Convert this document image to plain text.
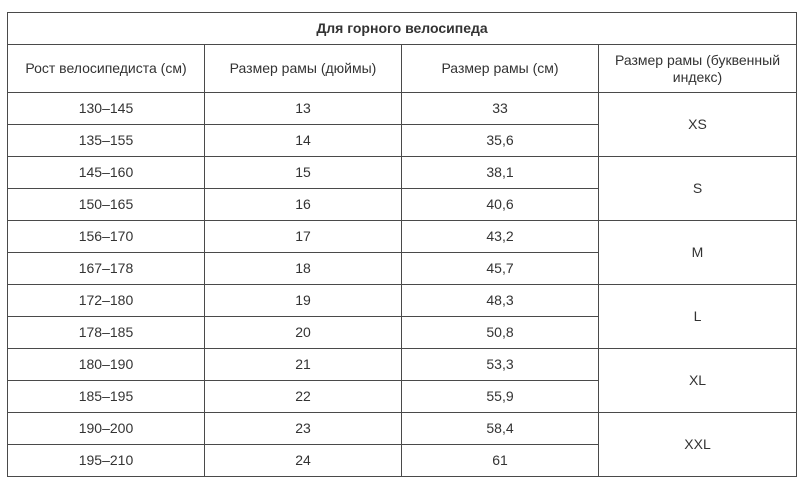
Для горного велосипеда			
Рост велосипедиста (см)	Размер рамы (дюймы)	Размер рамы (см)	Размер рамы (буквенный индекс)
130–145	13	33	XS
135–155	14	35,6	
145–160	15	38,1	S
150–165	16	40,6	
156–170	17	43,2	M
167–178	18	45,7	
172–180	19	48,3	L
178–185	20	50,8	
180–190	21	53,3	XL
185–195	22	55,9	
190–200	23	58,4	XXL
195–210	24	61	
